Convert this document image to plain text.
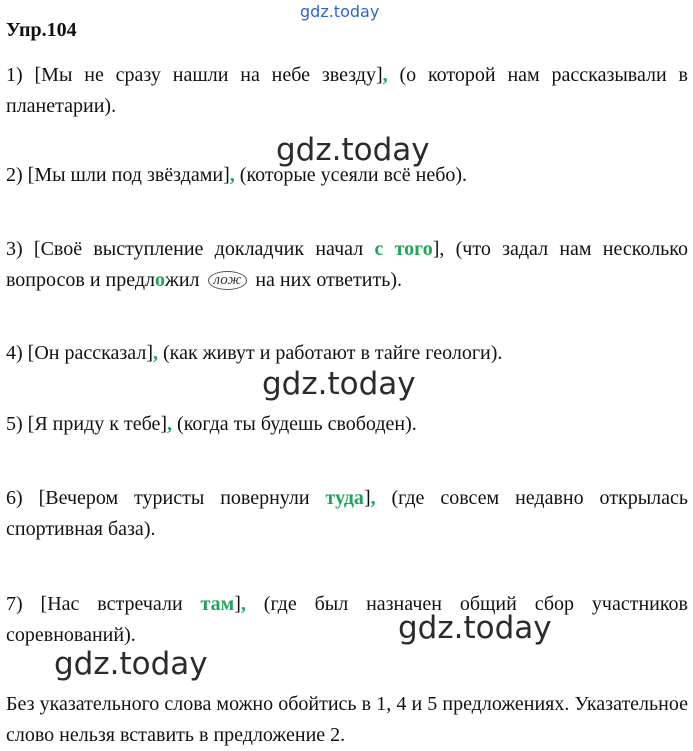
gdz.today
gdz.today
gdz.today
gdz.today
gdz.today
Упр.104
1) [Мы не сразу нашли на небе звезду], (о которой нам рассказывали в планетарии).
2) [Мы шли под звёздами], (которые усеяли всё небо).
3) [Своё выступление докладчик начал с того], (что задал нам несколько вопросов и предложил лож на них ответить).
4) [Он рассказал], (как живут и работают в тайге геологи).
5) [Я приду к тебе], (когда ты будешь свободен).
6) [Вечером туристы повернули туда], (где совсем недавно открылась спортивная база).
7) [Нас встречали там], (где был назначен общий сбор участников соревнований).
Без указательного слова можно обойтись в 1, 4 и 5 предложениях. Указательное слово нельзя вставить в предложение 2.
